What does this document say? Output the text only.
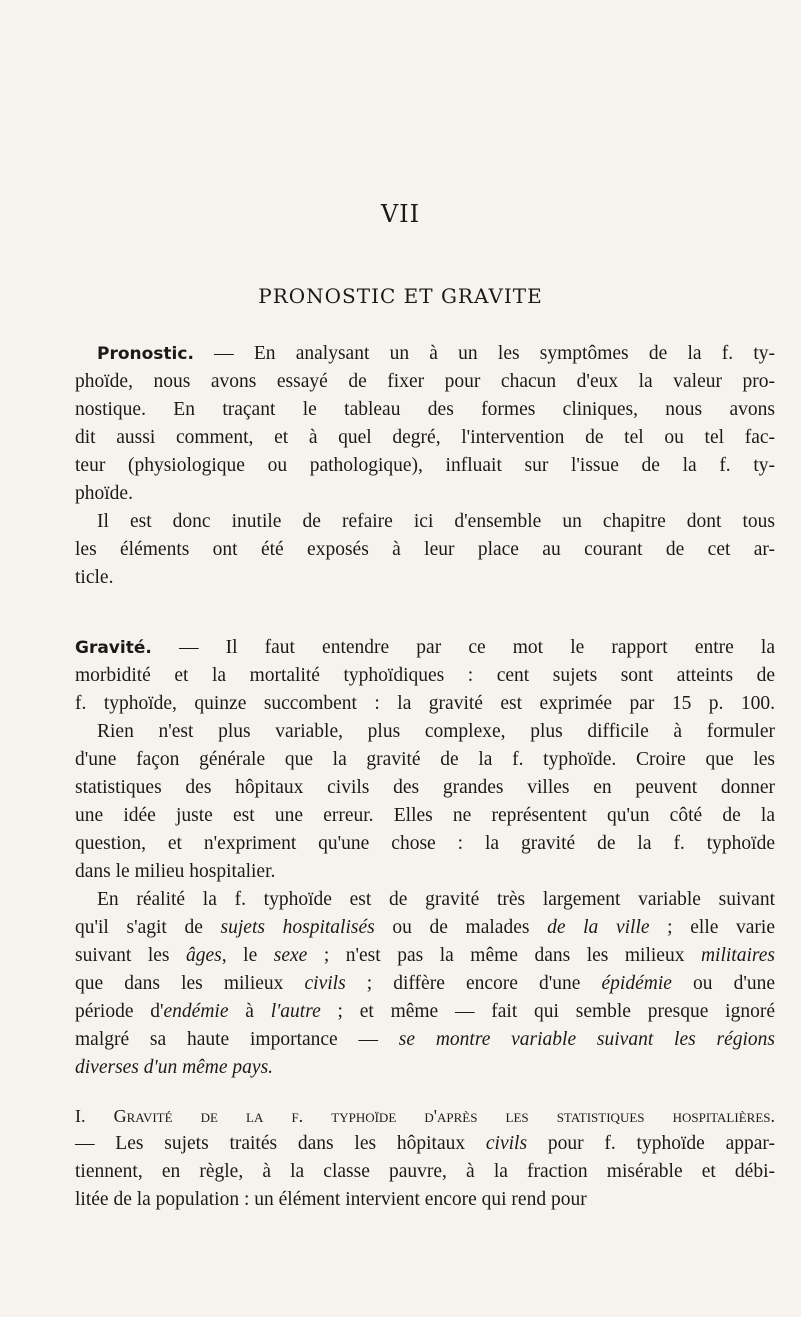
VII
PRONOSTIC ET GRAVITE
Pronostic. — En analysant un à un les symptômes de la f. ty-
phoïde, nous avons essayé de fixer pour chacun d'eux la valeur pro-
nostique. En traçant le tableau des formes cliniques, nous avons
dit aussi comment, et à quel degré, l'intervention de tel ou tel fac-
teur (physiologique ou pathologique), influait sur l'issue de la f. ty-
phoïde.
Il est donc inutile de refaire ici d'ensemble un chapitre dont tous
les éléments ont été exposés à leur place au courant de cet ar-
ticle.
Gravité. — Il faut entendre par ce mot le rapport entre la
morbidité et la mortalité typhoïdiques : cent sujets sont atteints de
f. typhoïde, quinze succombent : la gravité est exprimée par 15 p. 100.
Rien n'est plus variable, plus complexe, plus difficile à formuler
d'une façon générale que la gravité de la f. typhoïde. Croire que les
statistiques des hôpitaux civils des grandes villes en peuvent donner
une idée juste est une erreur. Elles ne représentent qu'un côté de la
question, et n'expriment qu'une chose : la gravité de la f. typhoïde
dans le milieu hospitalier.
En réalité la f. typhoïde est de gravité très largement variable suivant
qu'il s'agit de sujets hospitalisés ou de malades de la ville ; elle varie
suivant les âges, le sexe ; n'est pas la même dans les milieux militaires
que dans les milieux civils ; diffère encore d'une épidémie ou d'une
période d'endémie à l'autre ; et même — fait qui semble presque ignoré
malgré sa haute importance — se montre variable suivant les régions
diverses d'un même pays.
I. Gravité de la f. typhoïde d'après les statistiques hospitalières.
— Les sujets traités dans les hôpitaux civils pour f. typhoïde appar-
tiennent, en règle, à la classe pauvre, à la fraction misérable et débi-
litée de la population : un élément intervient encore qui rend pour
